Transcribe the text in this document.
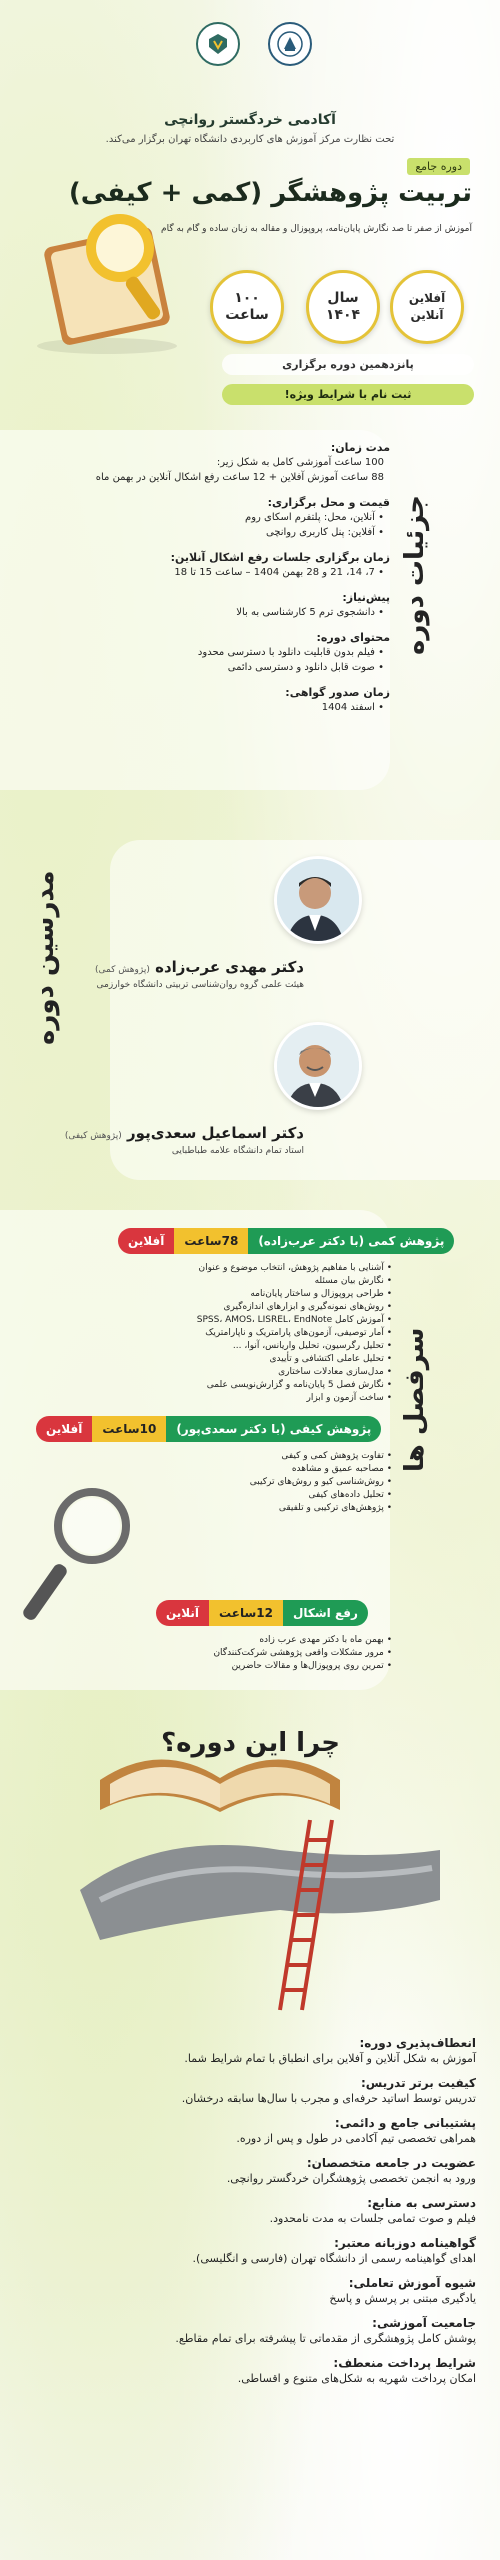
آکادمی خردگستر روانچی
تحت نظارت مرکز آموزش های کاربردی دانشگاه تهران برگزار می‌کند.
دوره جامع
تربیت پژوهشگر (کمی + کیفی)
آموزش از صفر تا صد نگارش پایان‌نامه، پروپوزال و مقاله به زبان ساده و گام به گام
آفلاین
آنلاین
سال
۱۴۰۴
۱۰۰
ساعت
پانزدهمین دوره برگزاری
ثبت نام با شرایط ویژه!
جزئیات دوره
مدت زمان:
100 ساعت آموزشی کامل به شکل زیر:
88 ساعت آموزش آفلاین + 12 ساعت رفع اشکال آنلاین در بهمن ماه
قیمت و محل برگزاری:
• آنلاین، محل: پلتفرم اسکای روم
• آفلاین: پنل کاربری روانچی
زمان برگزاری جلسات رفع اشکال آنلاین:
• 7، 14، 21 و 28 بهمن 1404 – ساعت 15 تا 18
پیش‌نیاز:
• دانشجوی ترم 5 کارشناسی به بالا
محتوای دوره:
• فیلم بدون قابلیت دانلود با دسترسی محدود
• صوت قابل دانلود و دسترسی دائمی
زمان صدور گواهی:
• اسفند 1404
مدرسین دوره	دکتر مهدی عرب‌زاده (پژوهش کمی)
هیئت علمی گروه روان‌شناسی تربیتی دانشگاه خوارزمی
دکتر اسماعیل سعدی‌پور (پژوهش کیفی)
استاد تمام دانشگاه علامه طباطبایی
سرفصل ها
پژوهش کمی (با دکتر عرب‌زاده)
78ساعت
آفلاین
• آشنایی با مفاهیم پژوهش، انتخاب موضوع و عنوان
• نگارش بیان مسئله
• طراحی پروپوزال و ساختار پایان‌نامه
• روش‌های نمونه‌گیری و ابزارهای اندازه‌گیری
• آموزش کامل SPSS، AMOS، LISREL، EndNote
• آمار توصیفی، آزمون‌های پارامتریک و ناپارامتریک
• تحلیل رگرسیون، تحلیل واریانس، آنوا، ...
• تحلیل عاملی اکتشافی و تأییدی
• مدل‌سازی معادلات ساختاری
• نگارش فصل 5 پایان‌نامه و گزارش‌نویسی علمی
• ساخت آزمون و ابزار
پژوهش کیفی (با دکتر سعدی‌پور)
10ساعت
آفلاین
• تفاوت پژوهش کمی و کیفی
• مصاحبه عمیق و مشاهده
• روش‌شناسی کیو و روش‌های ترکیبی
• تحلیل داده‌های کیفی
• پژوهش‌های ترکیبی و تلفیقی
رفع اشکال
12ساعت
آنلاین
• بهمن ماه با دکتر مهدی عرب زاده
• مرور مشکلات واقعی پژوهشی شرکت‌کنندگان
• تمرین روی پروپوزال‌ها و مقالات حاضرین
چرا این دوره؟
انعطاف‌پذیری دوره:
آموزش به شکل آنلاین و آفلاین برای انطباق با تمام شرایط شما.
کیفیت برتر تدریس:
تدریس توسط اساتید حرفه‌ای و مجرب با سال‌ها سابقه درخشان.
پشتیبانی جامع و دائمی:
همراهی تخصصی تیم آکادمی در طول و پس از دوره.
عضویت در جامعه متخصصان:
ورود به انجمن تخصصی پژوهشگران خردگستر روانچی.
دسترسی به منابع:
فیلم و صوت تمامی جلسات به مدت نامحدود.
گواهینامه دوزبانه معتبر:
اهدای گواهینامه رسمی از دانشگاه تهران (فارسی و انگلیسی).
شیوه آموزش تعاملی:
یادگیری مبتنی بر پرسش و پاسخ
جامعیت آموزشی:
پوشش کامل پژوهشگری از مقدماتی تا پیشرفته برای تمام مقاطع.
شرایط پرداخت منعطف:
امکان پرداخت شهریه به شکل‌های متنوع و اقساطی.
